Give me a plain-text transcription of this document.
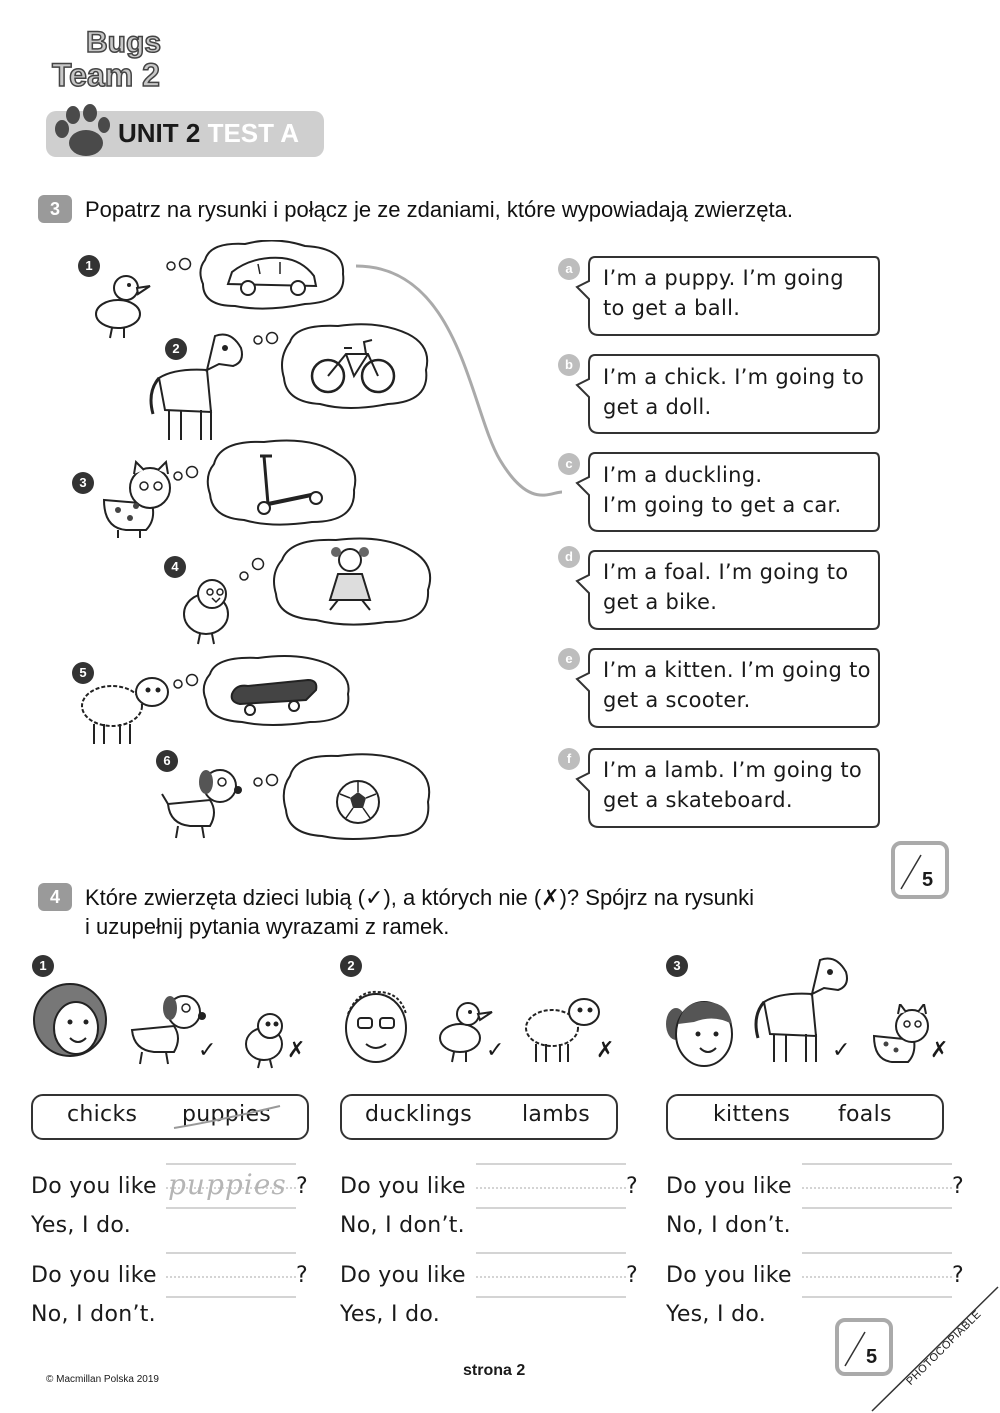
Bugs
Team 2
UNIT 2 TEST A
3	Popatrz na rysunki i połącz je ze zdaniami, które wypowiadają zwierzęta.
1
2
3
4
5
6
a	I’m a puppy. I’m going
to get a ball.
b
I’m a chick. I’m going to
get a doll.
c	I’m a duckling.
I’m going to get a car.
d
I’m a foal. I’m going to
get a bike.
e	I’m a kitten. I’m going to
get a scooter.
f	I’m a lamb. I’m going to
get a skateboard.
5
4	Które zwierzęta dzieci lubią (✓), a których nie (✗)? Spójrz na rysunki
i uzupełnij pytania wyrazami z ramek.
1	2	3
✓	✗	✓	✗	✓	✗
chicks puppies	ducklings lambs	kittens foals
Do you like puppies ?
Yes, I do.
Do you like	?
No, I don’t.
Do you like	?
No, I don’t.
Do you like	?
Yes, I do.
Do you like	?
No, I don’t.
Do you like	?
Yes, I do.
5
© Macmillan Polska 2019
strona 2	PHOTOCOPIABLE
